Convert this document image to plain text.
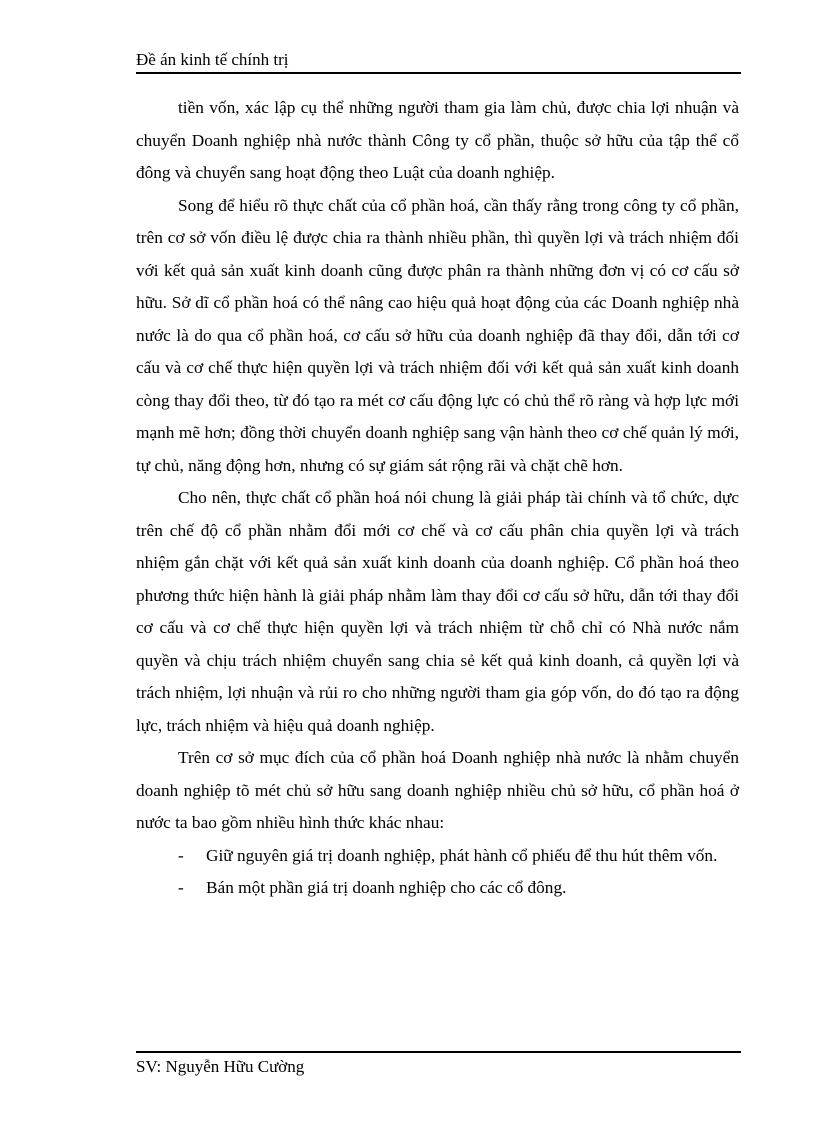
Đề án kinh tế chính trị

tiền vốn, xác lập cụ thể những người tham gia làm chủ, được chia lợi nhuận và chuyển Doanh nghiệp nhà nước thành Công ty cổ phần, thuộc sở hữu của tập thể cổ đông và chuyển sang hoạt động theo Luật của doanh nghiệp.

Song để hiểu rõ thực chất của cổ phần hoá, cần thấy rằng trong công ty cổ phần, trên cơ sở vốn điều lệ được chia ra thành nhiều phần, thì quyền lợi và trách nhiệm đối với kết quả sản xuất kinh doanh cũng được phân ra thành những đơn vị có cơ cấu sở hữu. Sở dĩ cổ phần hoá có thể nâng cao hiệu quả hoạt động của các Doanh nghiệp nhà nước là do qua cổ phần hoá, cơ cấu sở hữu của doanh nghiệp đã thay đổi, dẫn tới cơ cấu và cơ chế thực hiện quyền lợi và trách nhiệm đối với kết quả sản xuất kinh doanh còng thay đổi theo, từ đó tạo ra mét cơ cấu động lực có chủ thể rõ ràng và hợp lực mới mạnh mẽ hơn; đồng thời chuyển doanh nghiệp sang vận hành theo cơ chế quản lý mới, tự chủ, năng động hơn, nhưng có sự giám sát rộng rãi và chặt chẽ hơn.

Cho nên, thực chất cổ phần hoá nói chung là giải pháp tài chính và tổ chức, dực trên chế độ cổ phần nhằm đổi mới cơ chế và cơ cấu phân chia quyền lợi và trách nhiệm gắn chặt với kết quả sản xuất kinh doanh của doanh nghiệp. Cổ phần hoá theo phương thức hiện hành là giải pháp nhằm làm thay đổi cơ cấu sở hữu, dẫn tới thay đổi cơ cấu và cơ chế thực hiện quyền lợi và trách nhiệm từ chỗ chỉ có Nhà nước nắm quyền và chịu trách nhiệm chuyển sang chia sẻ kết quả kinh doanh, cả quyền lợi và trách nhiệm, lợi nhuận và rủi ro cho những người tham gia góp vốn, do đó tạo ra động lực, trách nhiệm và hiệu quả doanh nghiệp.

Trên cơ sở mục đích của cổ phần hoá Doanh nghiệp nhà nước là nhằm chuyển doanh nghiệp tõ mét chủ sở hữu sang doanh nghiệp nhiều chủ sở hữu, cổ phần hoá ở nước ta bao gồm nhiều hình thức khác nhau:

- Giữ nguyên giá trị doanh nghiệp, phát hành cổ phiếu để thu hút thêm vốn.
- Bán một phần giá trị doanh nghiệp cho các cổ đông.
SV: Nguyễn Hữu Cường
